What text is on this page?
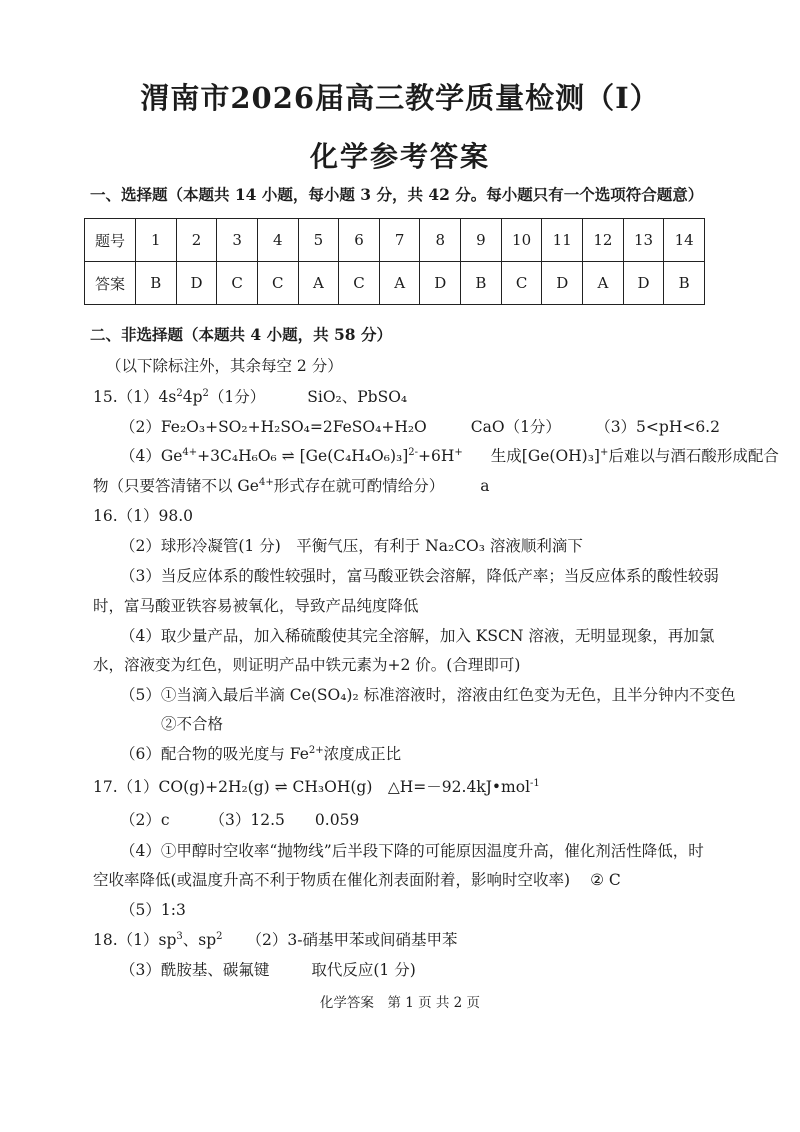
渭南市2026届高三教学质量检测（Ⅰ）
化学参考答案
一、选择题（本题共 14 小题，每小题 3 分，共 42 分。每小题只有一个选项符合题意）
题号	1	2	3	4	5	6	7	8	9	10	11	12	13	14
答案	B	D	C	C	A	C	A	D	B	C	D	A	D	B
二、非选择题（本题共 4 小题，共 58 分）
（以下除标注外，其余每空 2 分）
$15.(1)4s^24p^2(1$分）	SiO₂、PbSO₄
（2）Fe₂O₃+SO₂+H₂SO₄=2FeSO₄+H₂O	CaO（1分）	（3）5<pH<6.2
$(4)Ge^{4+}+3C_4H_6O_6$ ⇌ $[Ge(C_4H_4O_6)_3]^{2-}+6H^+$ 生成[Ge(OH)₃]+后难以与酒石酸形成配合
物（只要答清锗不以 $Ge^{4+}$形式存在就可酌情给分） a
16.（1）98.0
（2）球形冷凝管(1 分)　平衡气压，有利于 Na₂CO₃ 溶液顺利滴下
（3）当反应体系的酸性较强时，富马酸亚铁会溶解，降低产率；当反应体系的酸性较弱
时，富马酸亚铁容易被氧化，导致产品纯度降低
（4）取少量产品，加入稀硫酸使其完全溶解，加入 KSCN 溶液，无明显现象，再加氯
水，溶液变为红色，则证明产品中铁元素为+2 价。(合理即可)
（5）①当滴入最后半滴 Ce(SO₄)₂ 标准溶液时，溶液由红色变为无色，且半分钟内不变色
②不合格
（6）配合物的吸光度与 $Fe^{2+}$浓度成正比
17.（1）CO(g)+2H₂(g) ⇌ CH₃OH(g)　△H=－92.4kJ•mol$^{-1}$
（2）c	（3）12.5 0.059
（4）①甲醇时空收率“抛物线”后半段下降的可能原因温度升高，催化剂活性降低，时
空收率降低(或温度升高不利于物质在催化剂表面附着，影响时空收率) ② C
（5）1:3
$18.(1)sp^3$、$sp^2$ （2）3-硝基甲苯或间硝基甲苯
（3）酰胺基、碳氟键	取代反应(1 分)
化学答案　第 1 页 共 2 页
